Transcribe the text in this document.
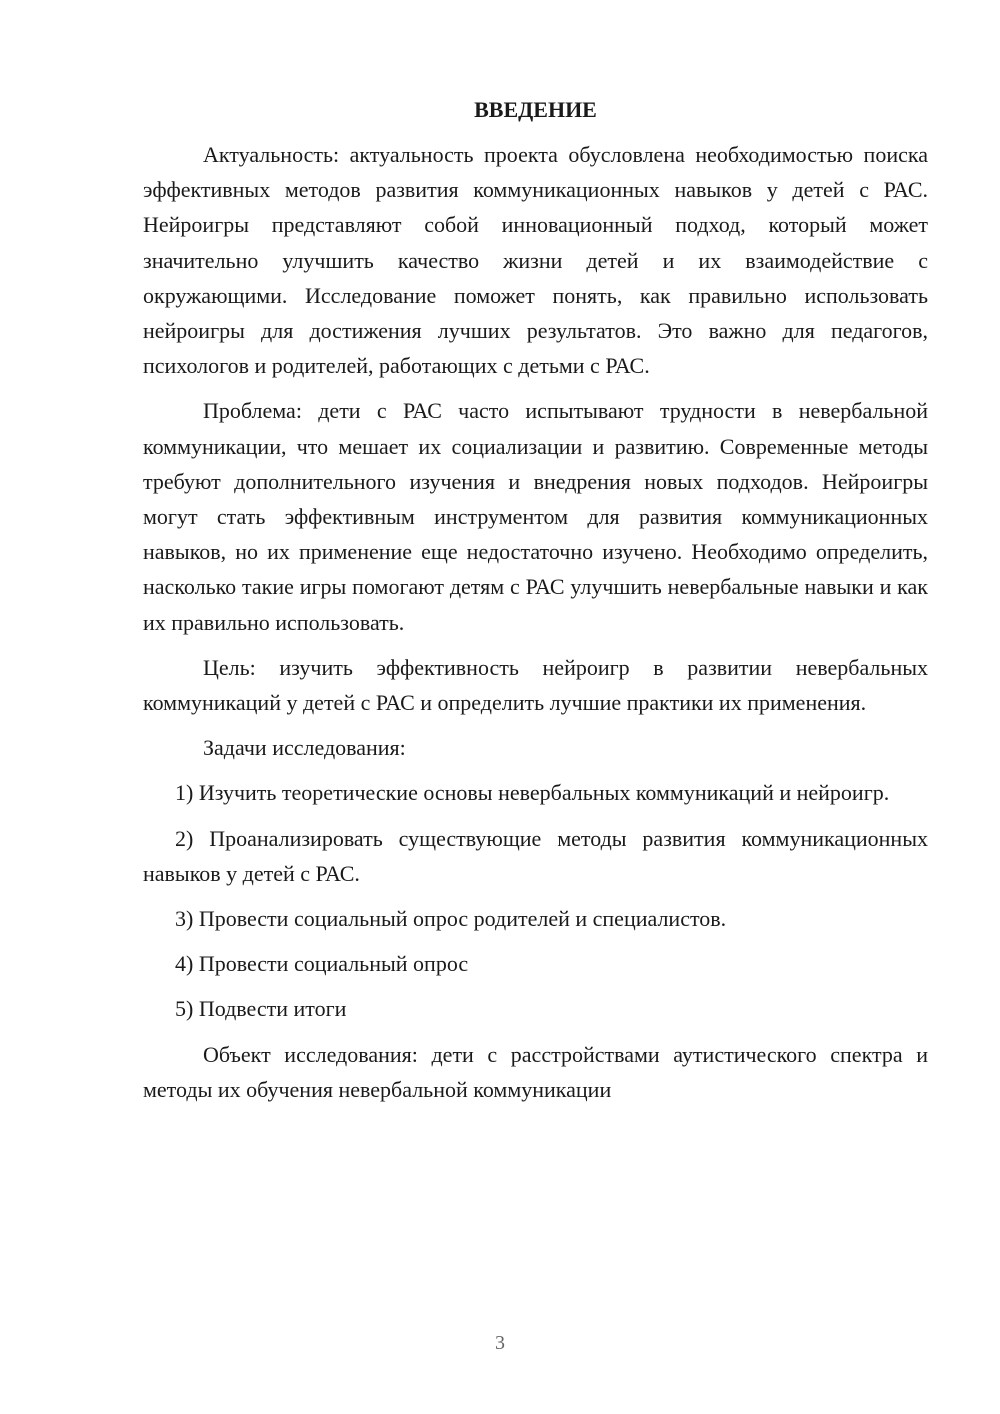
ВВЕДЕНИЕ

Актуальность: актуальность проекта обусловлена необходимостью поиска эффективных методов развития коммуникационных навыков у детей с РАС. Нейроигры представляют собой инновационный подход, который может значительно улучшить качество жизни детей и их взаимодействие с окружающими. Исследование поможет понять, как правильно использовать нейроигры для достижения лучших результатов. Это важно для педагогов, психологов и родителей, работающих с детьми с РАС.

Проблема: дети с РАС часто испытывают трудности в невербальной коммуникации, что мешает их социализации и развитию. Современные методы требуют дополнительного изучения и внедрения новых подходов. Нейроигры могут стать эффективным инструментом для развития коммуникационных навыков, но их применение еще недостаточно изучено. Необходимо определить, насколько такие игры помогают детям с РАС улучшить невербальные навыки и как их правильно использовать.

Цель: изучить эффективность нейроигр в развитии невербальных коммуникаций у детей с РАС и определить лучшие практики их применения.

Задачи исследования:

1) Изучить теоретические основы невербальных коммуникаций и нейроигр.

2) Проанализировать существующие методы развития коммуникационных навыков у детей с РАС.

3) Провести социальный опрос родителей и специалистов.

4) Провести социальный опрос

5) Подвести итоги

Объект исследования: дети с расстройствами аутистического спектра и методы их обучения невербальной коммуникации

3
